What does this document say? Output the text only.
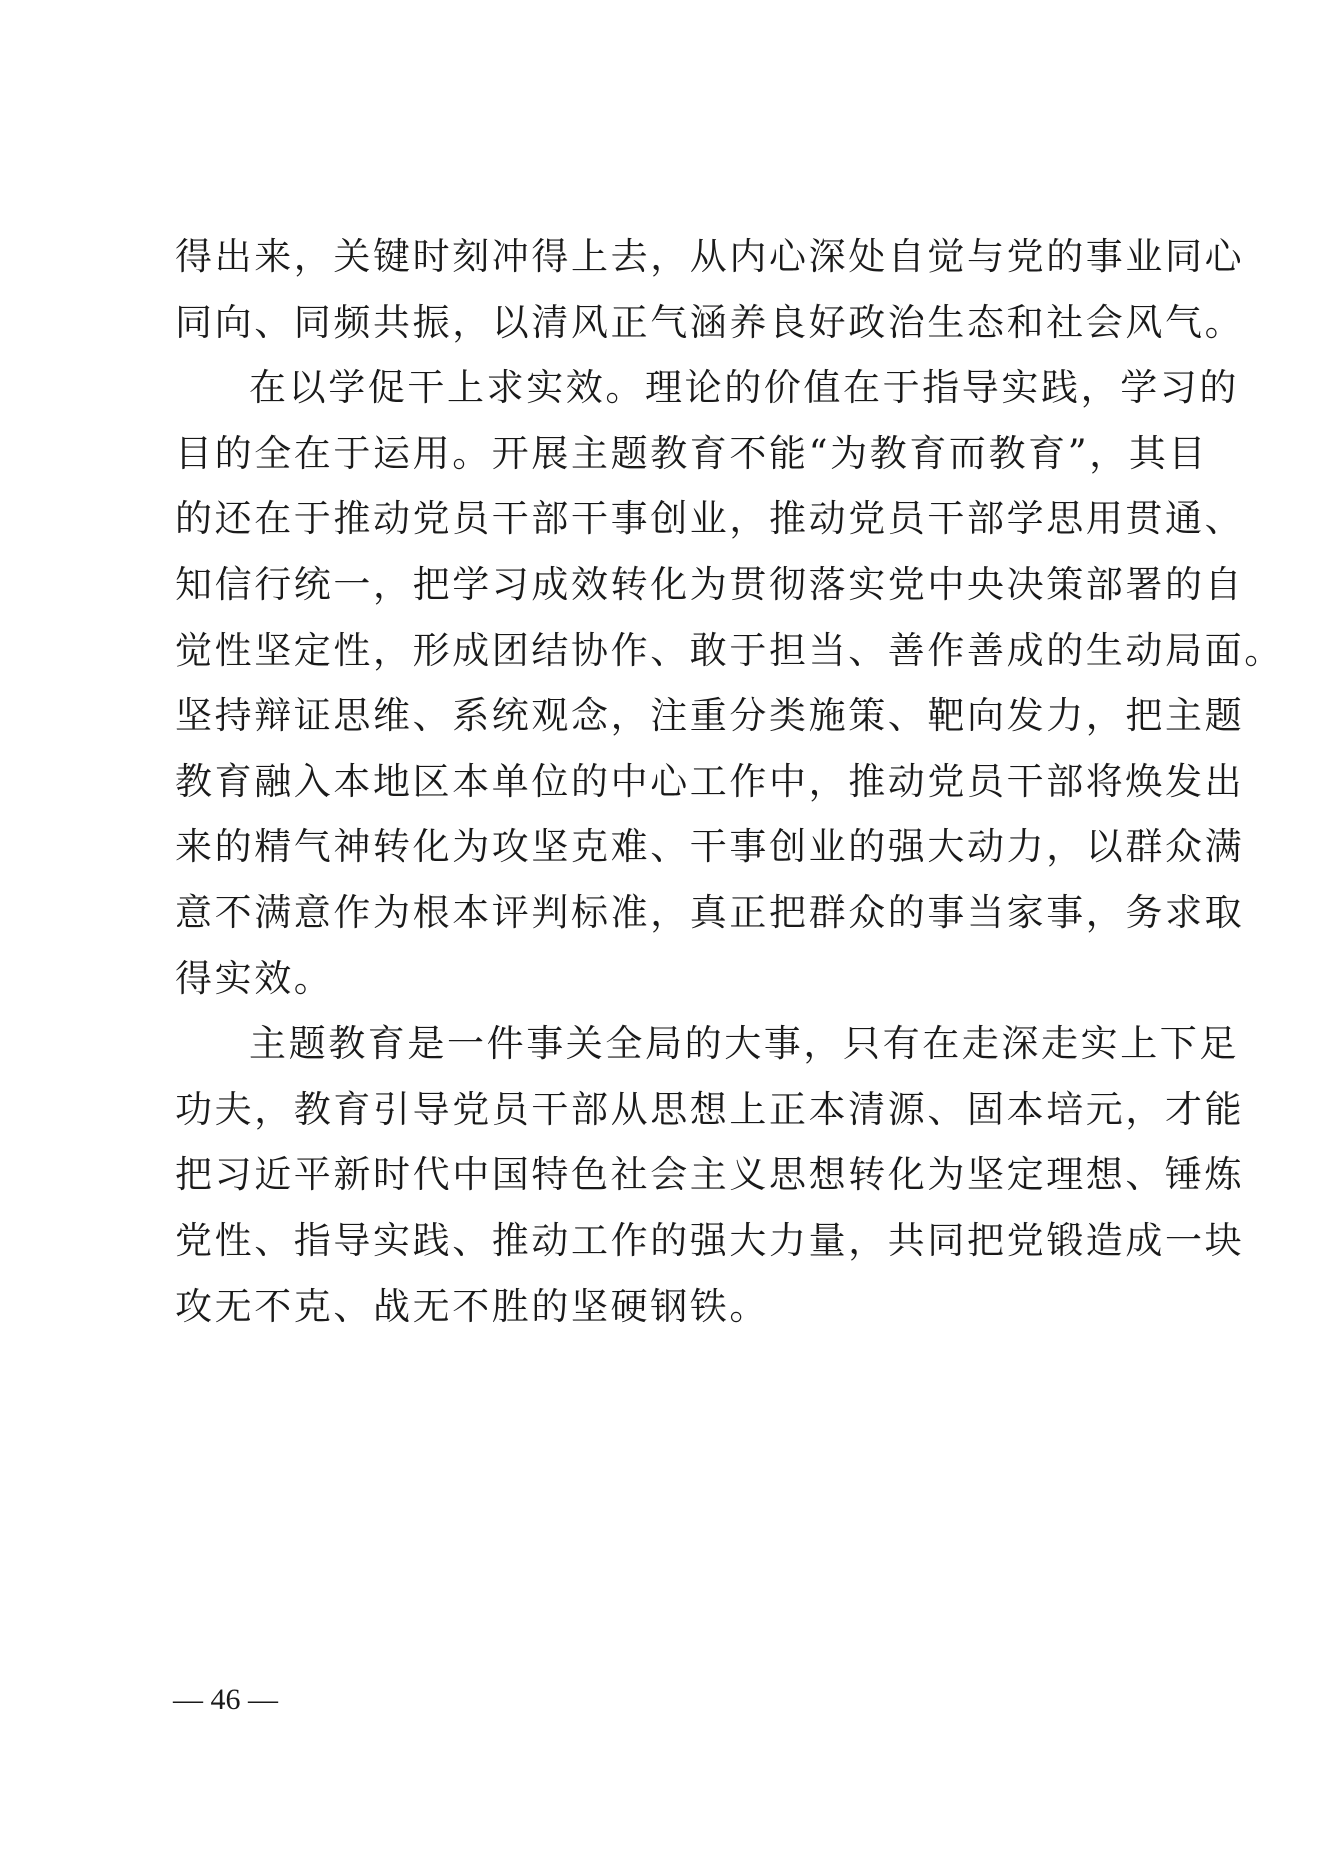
得出来，关键时刻冲得上去，从内心深处自觉与党的事业同心
同向、同频共振，以清风正气涵养良好政治生态和社会风气。
在以学促干上求实效。理论的价值在于指导实践，学习的
目的全在于运用。开展主题教育不能“为教育而教育”，其目
的还在于推动党员干部干事创业，推动党员干部学思用贯通、
知信行统一，把学习成效转化为贯彻落实党中央决策部署的自
觉性坚定性，形成团结协作、敢于担当、善作善成的生动局面。
坚持辩证思维、系统观念，注重分类施策、靶向发力，把主题
教育融入本地区本单位的中心工作中，推动党员干部将焕发出
来的精气神转化为攻坚克难、干事创业的强大动力，以群众满
意不满意作为根本评判标准，真正把群众的事当家事，务求取
得实效。
主题教育是一件事关全局的大事，只有在走深走实上下足
功夫，教育引导党员干部从思想上正本清源、固本培元，才能
把习近平新时代中国特色社会主义思想转化为坚定理想、锤炼
党性、指导实践、推动工作的强大力量，共同把党锻造成一块
攻无不克、战无不胜的坚硬钢铁。
— 46 —
